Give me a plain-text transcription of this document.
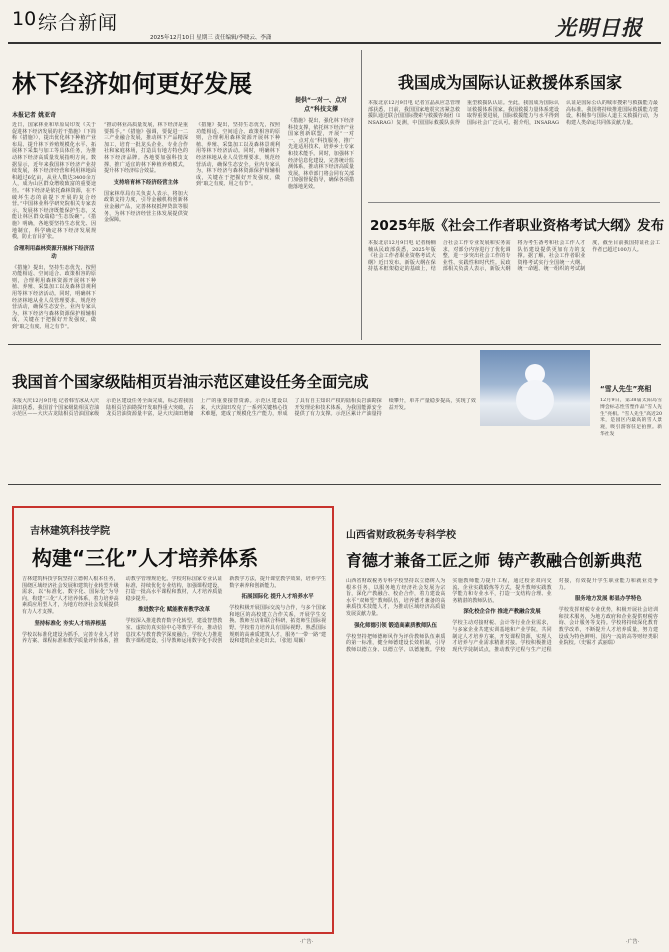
10 综合新闻
2025年12月10日 星期三 责任编辑/李晓云、李潇	光明日报
林下经济如何更好发展
本报记者 姚亚奇

近日，国家林业和草原局印发《关于促进林下经济发展的若干措施》（下简称《措施》），提出优化林下种植产业布局、提升林下养殖规模化水平、拓展林下采集与加工等具体任务，为推动林下经济高质量发展指明方向。数据显示，近年来我国林下经济产业持续发展，林下经济经营和利用林地面积超过6亿亩，从业人数达3400余万人，成为山区群众增收致富的重要途径。“林下经济是依托森林资源，在不破坏生态的前提下开展的复合经营。”中国林业科学研究院相关专家表示，发展林下经济既能保护生态，又能让林区群众端稳“生态饭碗”。《措施》明确，各地要坚持生态优先、因地制宜，科学确定林下经济发展规模，防止盲目扩张。

合理利用森林资源开展林下经济活动

《措施》提出，坚持生态优先，按照功能相适、空间适合、政策相容的原则，合理利用森林资源开展林下种植、养殖、采集加工以及森林景观利用等林下经济活动。同时，明确林下经济林地从业人员管理要求，规范经营活动，确保生态安全。业内专家认为，林下经济与森林资源保护相辅相成，关键在于把握好开发强度，做到“取之有度、用之有节”。

“推动林业高质量发展，林下经济是重要抓手。”《措施》强调，要促进一二三产业融合发展，推动林下产品精深加工，培育一批龙头企业、专业合作社和家庭林场，打造具有地方特色的林下经济品牌。各地要加强科技支撑，推广适宜的林下种植养殖模式，提升林下经济综合效益。

支持培育林下经济经营主体

国家林草局有关负责人表示，将加大政策支持力度，引导金融机构创新林业金融产品，完善林权抵押贷款等服务，为林下经济经营主体发展提供资金保障。

《措施》提出，坚持生态优先，按照功能相适、空间适合、政策相容的原则，合理利用森林资源开展林下种植、养殖、采集加工以及森林景观利用等林下经济活动。同时，明确林下经济林地从业人员管理要求，规范经营活动，确保生态安全。业内专家认为，林下经济与森林资源保护相辅相成，关键在于把握好开发强度，做到“取之有度、用之有节”。

提供“一对一、点对点”科技支撑

《措施》提出，强化林下经济科技支撑，依托林下经济产业国家创新联盟，开展“一对一、点对点”科技服务，推广先进适用技术，培养乡土专家和技术能手。同时，加强林下经济信息化建设，完善统计监测体系，推动林下经济高质量发展。林草部门将会同有关部门加强督促指导，确保各项措施落地见效。

我国成为国际认证救援体系国家
本报北京12月9日电 记者宣晶从应急管理部获悉，日前，我国国家地震灾害紧急救援队通过联合国国际搜索与救援咨询团（INSARAG）复测，中国国际救援队获得重型救援队认证。至此，我国成为国际认证救援体系国家。我国救援力量体系建设取得重要进展，国际救援能力与水平得到国际社会广泛认可。据介绍，INSARAG认证是国际公认的城市搜索与救援能力最高标准。我国将持续推进国际救援能力建设，积极参与国际人道主义救援行动，为构建人类命运共同体贡献力量。
2025年版《社会工作者职业资格考试大纲》发布
本报北京12月9日电 记者杨楠楠从民政部获悉，2025年版《社会工作者职业资格考试大纲》近日发布。新版大纲在保持基本框架稳定的基础上，结合社会工作专业发展和实务需求，对部分内容进行了优化调整，进一步突出社会工作的专业性、实践性和时代性。民政部相关负责人表示，新版大纲将为考生备考和社会工作人才队伍建设提供更加有力的支撑。据了解，社会工作者职业资格考试实行全国统一大纲、统一命题、统一组织的考试制度，截至目前我国持证社会工作者已超过100万人。
我国首个国家级陆相页岩油示范区建设任务全面完成
本报大庆12月9日电 记者韩雪冰从大庆油田获悉，我国首个国家级陆相页岩油示范区——大庆古龙陆相页岩油国家级示范区建设任务全面完成，标志着我国陆相页岩油勘探开发取得重大突破。古龙页岩油资源量丰富，是大庆油田增储上产的重要接替资源。示范区建设以来，大庆油田攻克了一系列关键核心技术难题，建成了规模化生产能力，形成了具有自主知识产权的陆相页岩油勘探开发理论和技术体系，为我国能源安全提供了有力支撑。示范区累计产油量持续攀升，单井产量稳步提高，实现了效益开发。
“雪人先生”亮相
12月9日，第38届太阳岛雪博会标志性雪塑作品“雪人先生”亮相。“雪人先生”高近20米，是园区内最高的雪人景观，吸引游客驻足拍照。新华社发
吉林建筑科技学院
构建“三化”人才培养体系

吉林建筑科技学院坚持立德树人根本任务，围绕区域经济社会发展和建筑行业转型升级需求，以“标准化、数字化、国际化”为导向，构建“三化”人才培养体系，着力培养高素质应用型人才，为地方经济社会发展提供有力人才支撑。

坚持标准化 夯实人才培养根基

学校以标准化建设为抓手，完善专业人才培养方案、课程标准和教学质量评价体系，推动教学管理规范化。学校对标国家专业认证标准，持续优化专业结构，加强课程建设，打造一批高水平课程和教材，人才培养质量稳步提升。

推进数字化 赋能教育教学改革

学校深入推进教育数字化转型，建设智慧教室、虚拟仿真实验中心等教学平台，推动信息技术与教育教学深度融合。学校大力推进数字课程建设，引导教师运用数字化手段创新教学方法，提升课堂教学效果，培养学生数字素养和创新能力。

拓展国际化 提升人才培养水平

学校积极开展国际交流与合作，与多个国家和地区的高校建立合作关系，开展学生交换、教师互访和联合科研，拓宽师生国际视野。学校着力培养具有国际视野、熟悉国际规则的高素质建筑人才，服务“一带一路”建设和建筑企业走出去。（张旭 周颖）

山西省财政税务专科学校
育德才兼备工匠之师 铸产教融合创新典范

山西省财政税务专科学校坚持以立德树人为根本任务，以服务地方经济社会发展为宗旨，深化产教融合、校企合作，着力建设高水平“双师型”教师队伍，培养德才兼备的高素质技术技能人才，为推动区域经济高质量发展贡献力量。

强化师德引领 锻造高素质教师队伍

学校坚持把师德师风作为评价教师队伍素质的第一标准，健全师德建设长效机制，引导教师以德立身、以德立学、以德施教。学校实施教师能力提升工程，通过校企双向交流、企业实践锻炼等方式，提升教师实践教学能力和专业水平，打造一支结构合理、业务精湛的教师队伍。

深化校企合作 推进产教融合发展

学校主动对接财税、会计等行业企业需求，与多家企业共建实训基地和产业学院，共同制定人才培养方案，开发课程资源，实现人才培养与产业需求精准对接。学校积极推进现代学徒制试点，推动教学过程与生产过程对接，有效提升学生职业能力和就业竞争力。

服务地方发展 彰显办学特色

学校发挥财税专业优势，积极开展社会培训和技术服务，为地方政府和企业提供财税咨询、会计服务等支持。学校将持续深化教育教学改革，不断提升人才培养质量，努力建设成为特色鲜明、国内一流的高等财经类职业院校。（史锡才 武丽瑞）

·广告·	·广告·
